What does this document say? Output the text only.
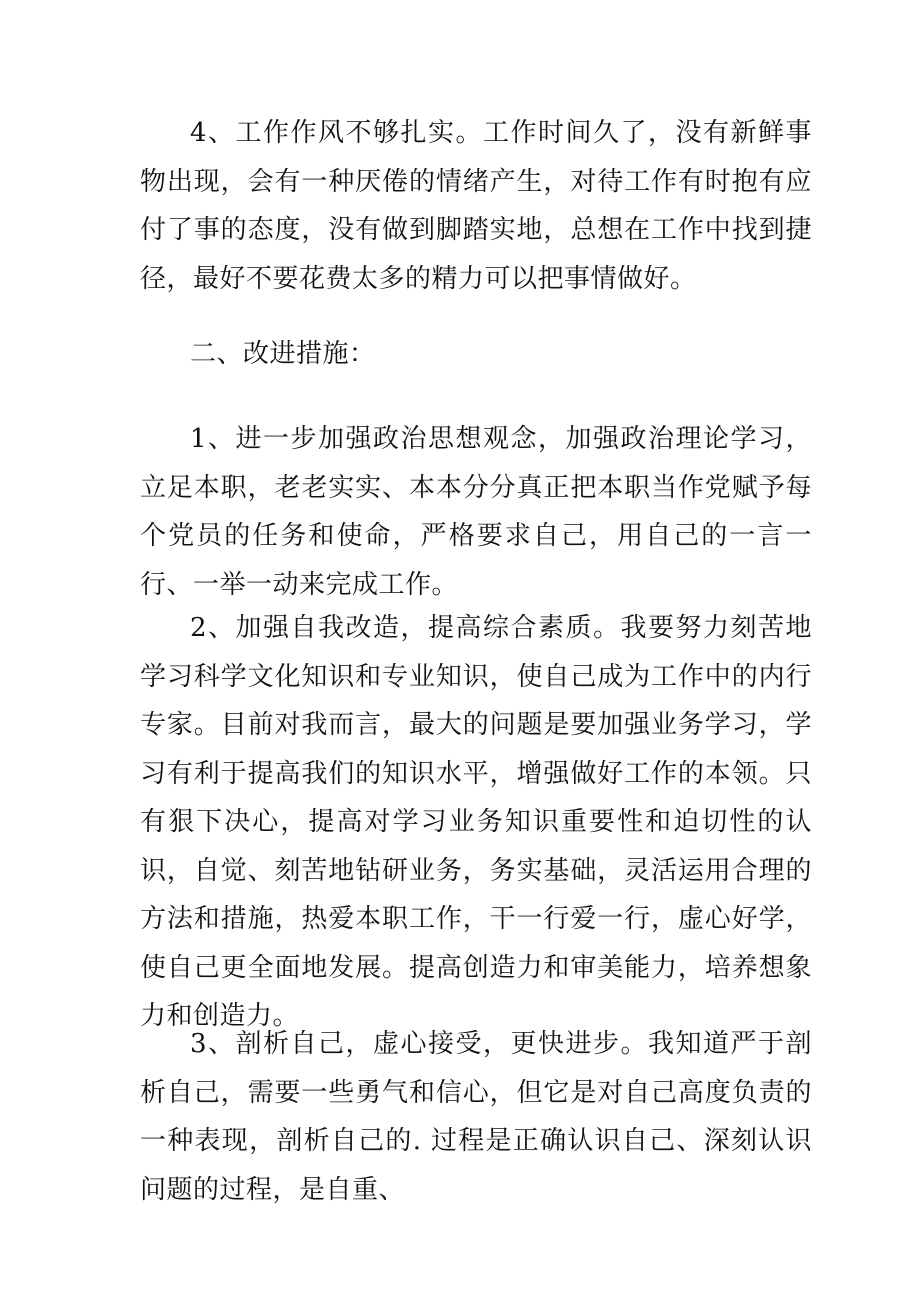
4、工作作风不够扎实。工作时间久了，没有新鲜事物出现，会有一种厌倦的情绪产生，对待工作有时抱有应付了事的态度，没有做到脚踏实地，总想在工作中找到捷径，最好不要花费太多的精力可以把事情做好。

二、改进措施：

1、进一步加强政治思想观念，加强政治理论学习，立足本职，老老实实、本本分分真正把本职当作党赋予每个党员的任务和使命，严格要求自己，用自己的一言一行、一举一动来完成工作。

2、加强自我改造，提高综合素质。我要努力刻苦地学习科学文化知识和专业知识，使自己成为工作中的内行专家。目前对我而言，最大的问题是要加强业务学习，学习有利于提高我们的知识水平，增强做好工作的本领。只有狠下决心，提高对学习业务知识重要性和迫切性的认识，自觉、刻苦地钻研业务，务实基础，灵活运用合理的方法和措施，热爱本职工作，干一行爱一行，虚心好学，使自己更全面地发展。提高创造力和审美能力，培养想象力和创造力。

3、剖析自己，虚心接受，更快进步。我知道严于剖析自己，需要一些勇气和信心，但它是对自己高度负责的一种表现，剖析自己的. 过程是正确认识自己、深刻认识问题的过程，是自重、
